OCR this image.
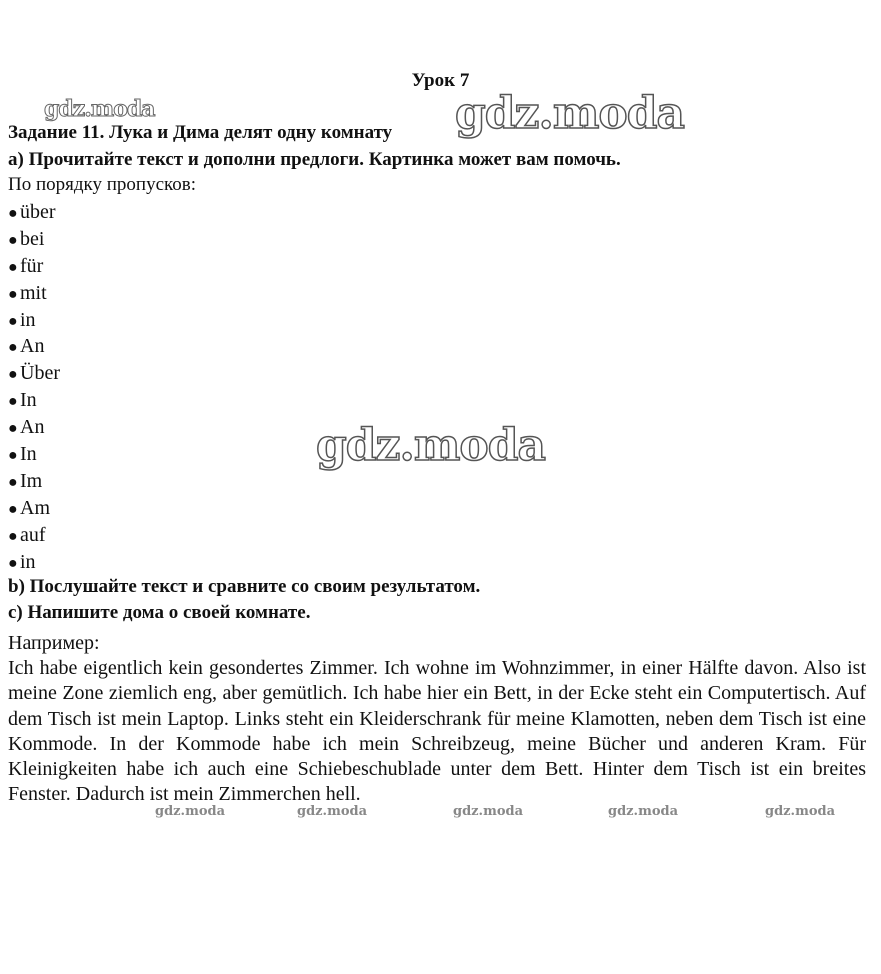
Урок 7
Задание 11. Лука и Дима делят одну комнату
a) Прочитайте текст и дополни предлоги. Картинка может вам помочь.
По порядку пропусков:
● über
● bei
● für
● mit
● in
● An
● Über
● In
● An
● In
● Im
● Am
● auf
● in
b) Послушайте текст и сравните со своим результатом.
c) Напишите дома о своей комнате.
Например:

Ich habe eigentlich kein gesondertes Zimmer. Ich wohne im Wohnzimmer, in einer Hälfte davon. Also ist meine Zone ziemlich eng, aber gemütlich. Ich habe hier ein Bett, in der Ecke steht ein Computertisch. Auf dem Tisch ist mein Laptop. Links steht ein Kleiderschrank für meine Klamotten, neben dem Tisch ist eine Kommode. In der Kommode habe ich mein Schreibzeug, meine Bücher und anderen Kram. Für Kleinigkeiten habe ich auch eine Schiebeschublade unter dem Bett. Hinter dem Tisch ist ein breites Fenster. Dadurch ist mein Zimmerchen hell.

gdz.moda
gdz.moda
gdz.moda
gdz.moda	gdz.moda	gdz.moda	gdz.moda	gdz.moda
